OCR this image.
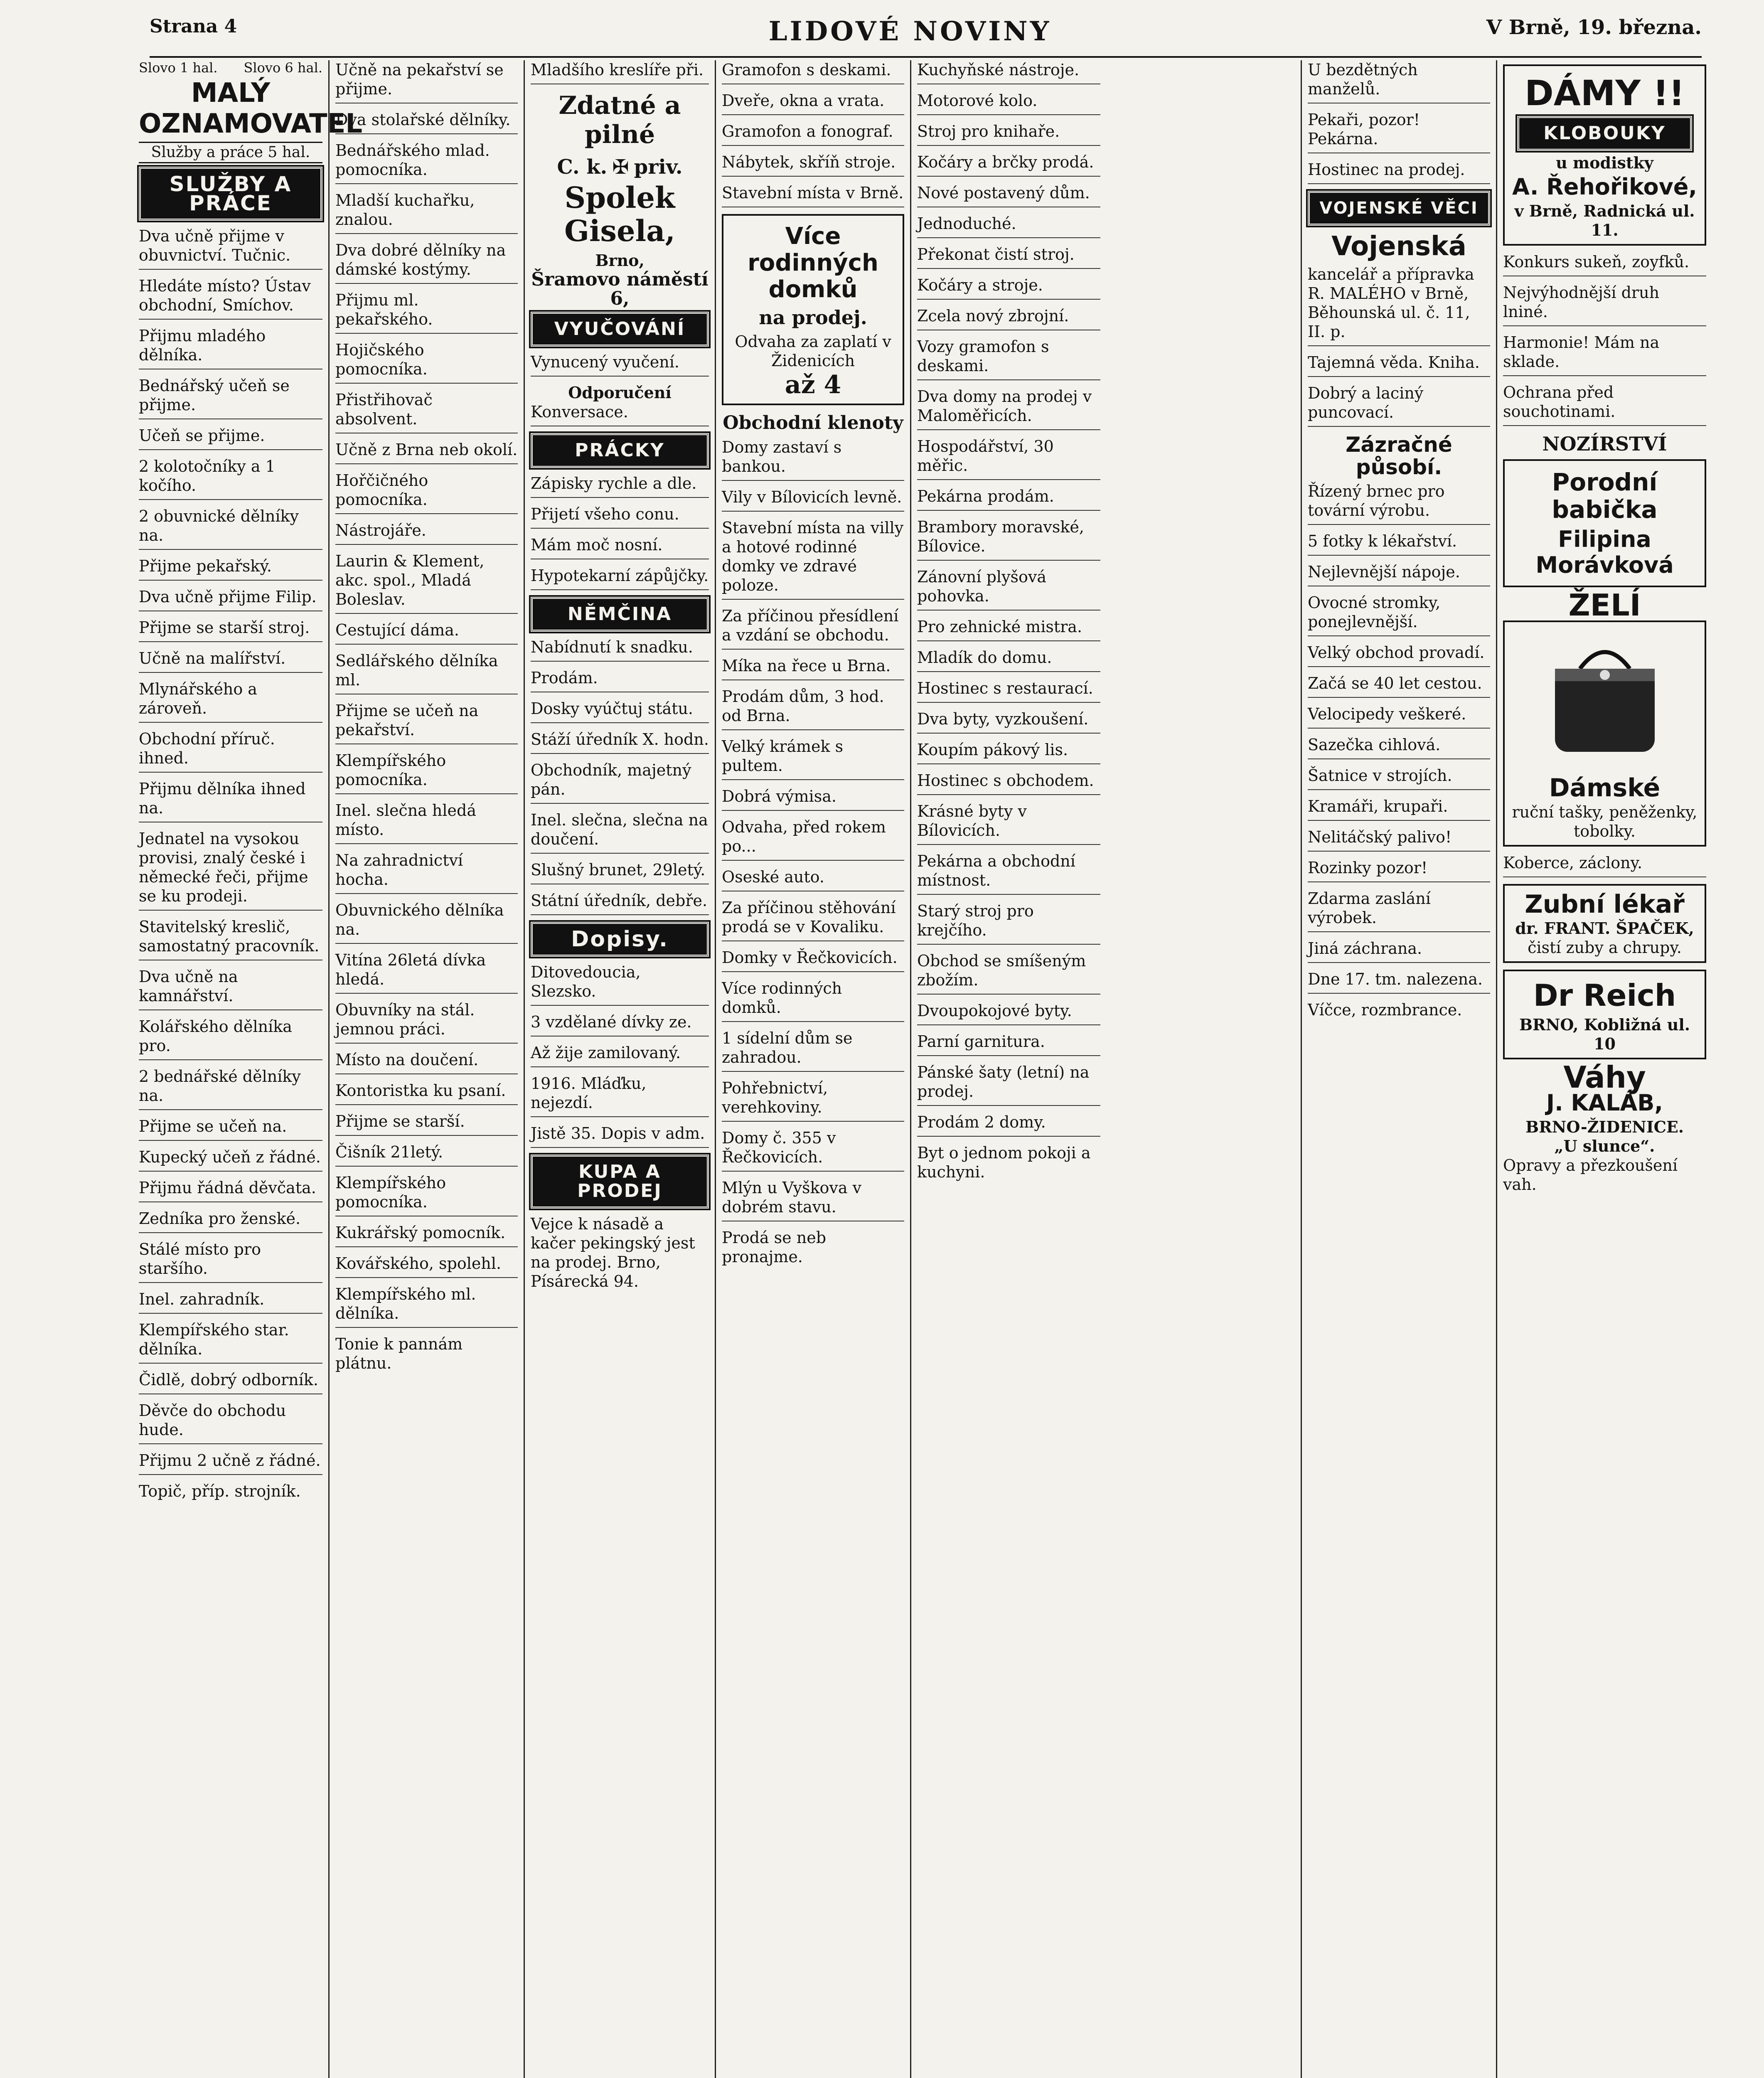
Strana 4	LIDOVÉ NOVINY	V Brně, 19. března.
Slovo 1 hal. Slovo 6 hal.
MALÝ OZNAMOVATEL
Služby a práce 5 hal.
SLUŽBY A PRÁCE
Dva učně přijme v obuvnictví. Tučnic.
Hledáte místo? Ústav obchodní, Smíchov.
Přijmu mladého dělníka.
Bednářský učeň se přijme.
Učeň se přijme.
2 kolotočníky a 1 kočího.
2 obuvnické dělníky na.
Přijme pekařský.
Dva učně přijme Filip.
Přijme se starší stroj.
Učně na malířství.
Mlynářského a zároveň.
Obchodní příruč. ihned.
Přijmu dělníka ihned na.
Jednatel na vysokou provisi, znalý české i německé řeči, přijme se ku prodeji.
Stavitelský kreslič, samostatný pracovník.
Dva učně na kamnářství.
Kolářského dělníka pro.
2 bednářské dělníky na.
Přijme se učeň na.
Kupecký učeň z řádné.
Přijmu řádná děvčata.
Zedníka pro ženské.
Stálé místo pro staršího.
Inel. zahradník.
Klempířského star. dělníka.
Čidlě, dobrý odborník.
Děvče do obchodu hude.
Přijmu 2 učně z řádné.
Topič, příp. strojník.
Učně na pekařství se přijme.
Dva stolařské dělníky.
Bednářského mlad. pomocníka.
Mladší kuchařku, znalou.
Dva dobré dělníky na dámské kostýmy.
Přijmu ml. pekařského.
Hojičského pomocníka.
Přistřihovač absolvent.
Učně z Brna neb okolí.
Hořčičného pomocníka.
Nástrojáře.
Laurin & Klement, akc. spol., Mladá Boleslav.
Cestující dáma.
Sedlářského dělníka ml.
Přijme se učeň na pekařství.
Klempířského pomocníka.
Inel. slečna hledá místo.
Na zahradnictví hocha.
Obuvnického dělníka na.
Vitína 26letá dívka hledá.
Obuvníky na stál. jemnou práci.
Místo na doučení.
Kontoristka ku psaní.
Přijme se starší.
Čišník 21letý.
Klempířského pomocníka.
Kukrářský pomocník.
Kovářského, spolehl.
Klempířského ml. dělníka.
Tonie k pannám plátnu.
Mladšího kreslíře při.
Zdatné a pilné
C. k. ✠ priv.
Spolek Gisela,
Brno,
Šramovo náměstí 6,
VYUČOVÁNÍ
Vynucený vyučení.
Odporučení
Konversace.
PRÁCKY
Zápisky rychle a dle.
Přijetí všeho conu.
Mám moč nosní.
Hypotekarní zápůjčky.
NĚMČINA
Nabídnutí k snadku.
Prodám.
Dosky vyúčtuj státu.
Stáží úředník X. hodn.
Obchodník, majetný pán.
Inel. slečna, slečna na doučení.
Slušný brunet, 29letý.
Státní úředník, debře.
Dopisy.
Ditovedoucia, Slezsko.
3 vzdělané dívky ze.
Až žije zamilovaný.
1916. Mláďku, nejezdí.
Jistě 35. Dopis v adm.
KUPA A PRODEJ
Vejce k násadě a kačer pekingský jest na prodej. Brno, Písárecká 94.
Gramofon s deskami.
Dveře, okna a vrata.
Gramofon a fonograf.
Nábytek, skříň stroje.
Stavební místa v Brně.
Více rodinných domků
na prodej.
Odvaha za zaplatí v Židenicích
až 4
Obchodní klenoty
Domy zastaví s bankou.
Vily v Bílovicích levně.
Stavební místa na villy a hotové rodinné domky ve zdravé poloze.
Za příčinou přesídlení a vzdání se obchodu.
Míka na řece u Brna.
Prodám dům, 3 hod. od Brna.
Velký krámek s pultem.
Dobrá výmisa.
Odvaha, před rokem po...
Oseské auto.
Za příčinou stěhování prodá se v Kovaliku.
Domky v Řečkovicích.
Více rodinných domků.
1 sídelní dům se zahradou.
Pohřebnictví, verehkoviny.
Domy č. 355 v Řečkovicích.
Mlýn u Vyškova v dobrém stavu.
Prodá se neb pronajme.
Kuchyňské nástroje.
Motorové kolo.
Stroj pro knihaře.
Kočáry a brčky prodá.
Nové postavený dům.
Jednoduché.
Překonat čistí stroj.
Kočáry a stroje.
Zcela nový zbrojní.
Vozy gramofon s deskami.
Dva domy na prodej v Maloměřicích.
Hospodářství, 30 měřic.
Pekárna prodám.
Brambory moravské, Bílovice.
Zánovní plyšová pohovka.
Pro zehnické mistra.
Mladík do domu.
Hostinec s restaurací.
Dva byty, vyzkoušení.
Koupím pákový lis.
Hostinec s obchodem.
Krásné byty v Bílovicích.
Pekárna a obchodní místnost.
Starý stroj pro krejčího.
Obchod se smíšeným zbožím.
Dvoupokojové byty.
Parní garnitura.
Pánské šaty (letní) na prodej.
Prodám 2 domy.
Byt o jednom pokoji a kuchyni.
U bezdětných manželů.
Pekaři, pozor! Pekárna.
Hostinec na prodej.
VOJENSKÉ VĚCI
Vojenská
kancelář a přípravka R. MALÉHO v Brně, Běhounská ul. č. 11, II. p.
Tajemná věda. Kniha.
Dobrý a laciný puncovací.
Zázračné působí.
Řízený brnec pro tovární výrobu.
5 fotky k lékařství.
Nejlevnější nápoje.
Ovocné stromky, ponejlevnější.
Velký obchod provadí.
Začá se 40 let cestou.
Velocipedy veškeré.
Sazečka cihlová.
Šatnice v strojích.
Kramáři, krupaři.
Nelitáčský palivo!
Rozinky pozor!
Zdarma zaslání výrobek.
Jiná záchrana.
Dne 17. tm. nalezena.
Víčce, rozmbrance.
DÁMY !!
KLOBOUKY
u modistky
A. Řehořikové,
v Brně, Radnická ul. 11.
Konkurs sukeň, zoyfků.
Nejvýhodnější druh lniné.
Harmonie! Mám na sklade.
Ochrana před souchotinami.
NOZÍRSTVÍ
Porodní babička
Filipina Morávková
ŽELÍ
Dámské
ruční tašky, peněženky, tobolky.
Koberce, záclony.
Zubní lékař
dr. FRANT. ŠPAČEK,
čistí zuby a chrupy.
Dr Reich
BRNO, Kobližná ul. 10
Váhy
J. KALÁB,
BRNO-ŽIDENICE.
„U slunce“.
Opravy a přezkoušení vah.
